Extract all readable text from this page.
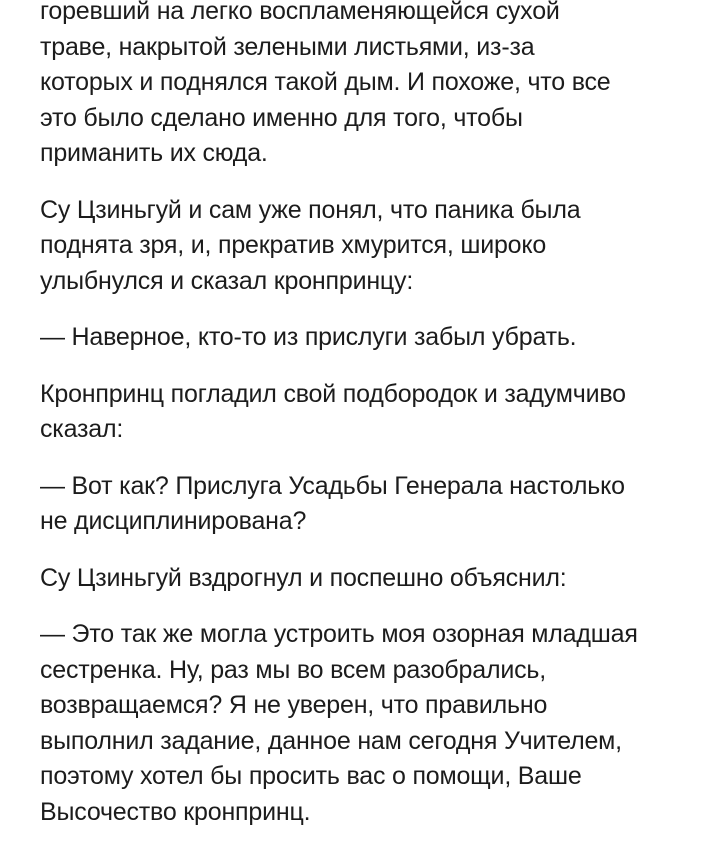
горевший на легко воспламеняющейся сухой
траве, накрытой зелеными листьями, из-за
которых и поднялся такой дым. И похоже, что все
это было сделано именно для того, чтобы
приманить их сюда.

Су Цзиньгуй и сам уже понял, что паника была
поднята зря, и, прекратив хмурится, широко
улыбнулся и сказал кронпринцу:

— Наверное, кто-то из прислуги забыл убрать.

Кронпринц погладил свой подбородок и задумчиво
сказал:

— Вот как? Прислуга Усадьбы Генерала настолько
не дисциплинирована?

Су Цзиньгуй вздрогнул и поспешно объяснил:

— Это так же могла устроить моя озорная младшая
сестренка. Ну, раз мы во всем разобрались,
возвращаемся? Я не уверен, что правильно
выполнил задание, данное нам сегодня Учителем,
поэтому хотел бы просить вас о помощи, Ваше
Высочество кронпринц.
